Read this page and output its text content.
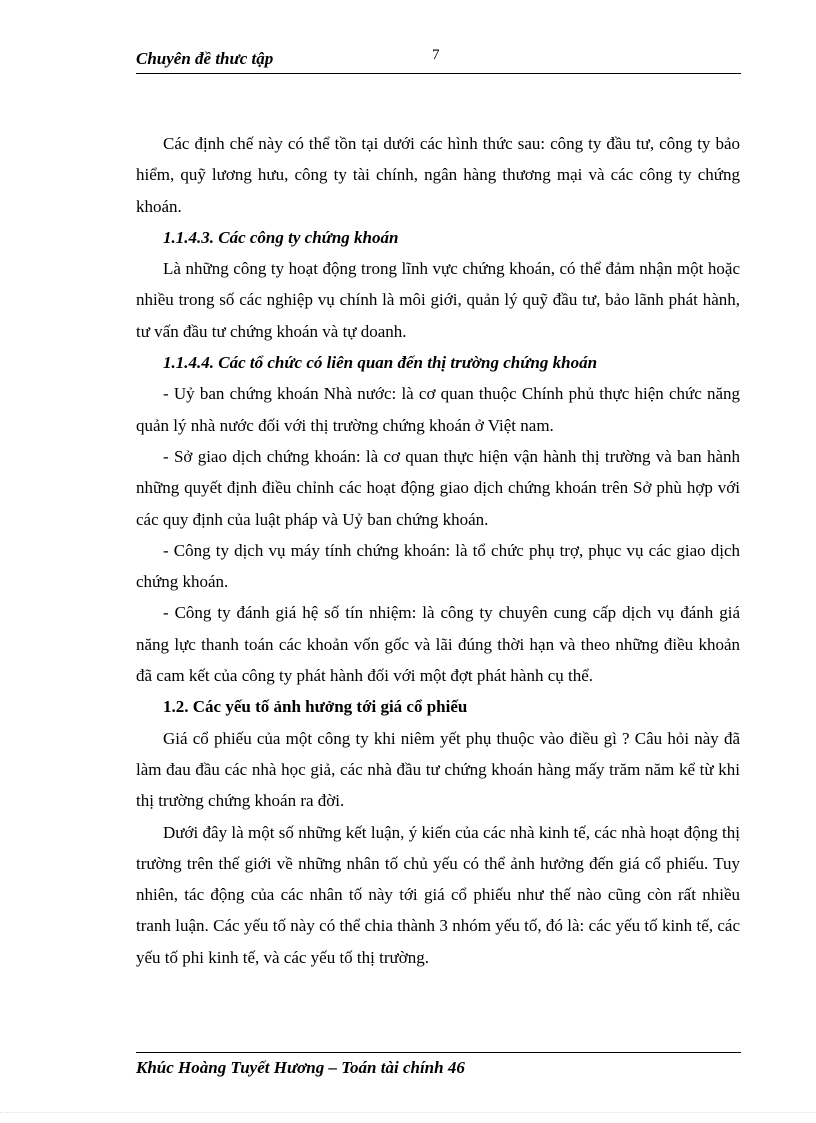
Chuyên đề thưc tập	7

Các định chế này có thể tồn tại dưới các hình thức sau: công ty đầu tư, công ty bảo hiểm, quỹ lương hưu, công ty tài chính, ngân hàng thương mại và các công ty chứng khoán.

1.1.4.3. Các công ty chứng khoán

Là những công ty hoạt động trong lĩnh vực chứng khoán, có thể đảm nhận một hoặc nhiều trong số các nghiệp vụ chính là môi giới, quản lý quỹ đầu tư, bảo lãnh phát hành, tư vấn đầu tư chứng khoán và tự doanh.

1.1.4.4. Các tổ chức có liên quan đến thị trường chứng khoán

- Uỷ ban chứng khoán Nhà nước: là cơ quan thuộc Chính phủ thực hiện chức năng quản lý nhà nước đối với thị trường chứng khoán ở Việt nam.

- Sở giao dịch chứng khoán: là cơ quan thực hiện vận hành thị trường và ban hành những quyết định điều chỉnh các hoạt động giao dịch chứng khoán trên Sở phù hợp với các quy định của luật pháp và Uỷ ban chứng khoán.

- Công ty dịch vụ máy tính chứng khoán: là tổ chức phụ trợ, phục vụ các giao dịch chứng khoán.

- Công ty đánh giá hệ số tín nhiệm: là công ty chuyên cung cấp dịch vụ đánh giá năng lực thanh toán các khoản vốn gốc và lãi đúng thời hạn và theo những điều khoản đã cam kết của công ty phát hành đối với một đợt phát hành cụ thể.

1.2. Các yếu tố ảnh hưởng tới giá cổ phiếu

Giá cổ phiếu của một công ty khi niêm yết phụ thuộc vào điều gì ? Câu hỏi này đã làm đau đầu các nhà học giả, các nhà đầu tư chứng khoán hàng mấy trăm năm kể từ khi thị trường chứng khoán ra đời.

Dưới đây là một số những kết luận, ý kiến của các nhà kinh tế, các nhà hoạt động thị trường trên thế giới về những nhân tố chủ yếu có thể ảnh hưởng đến giá cổ phiếu. Tuy nhiên, tác động của các nhân tố này tới giá cổ phiếu như thế nào cũng còn rất nhiều tranh luận. Các yếu tố này có thể chia thành 3 nhóm yếu tố, đó là: các yếu tố kinh tế, các yếu tố phi kinh tế, và các yếu tố thị trường.

Khúc Hoàng Tuyết Hương – Toán tài chính 46
